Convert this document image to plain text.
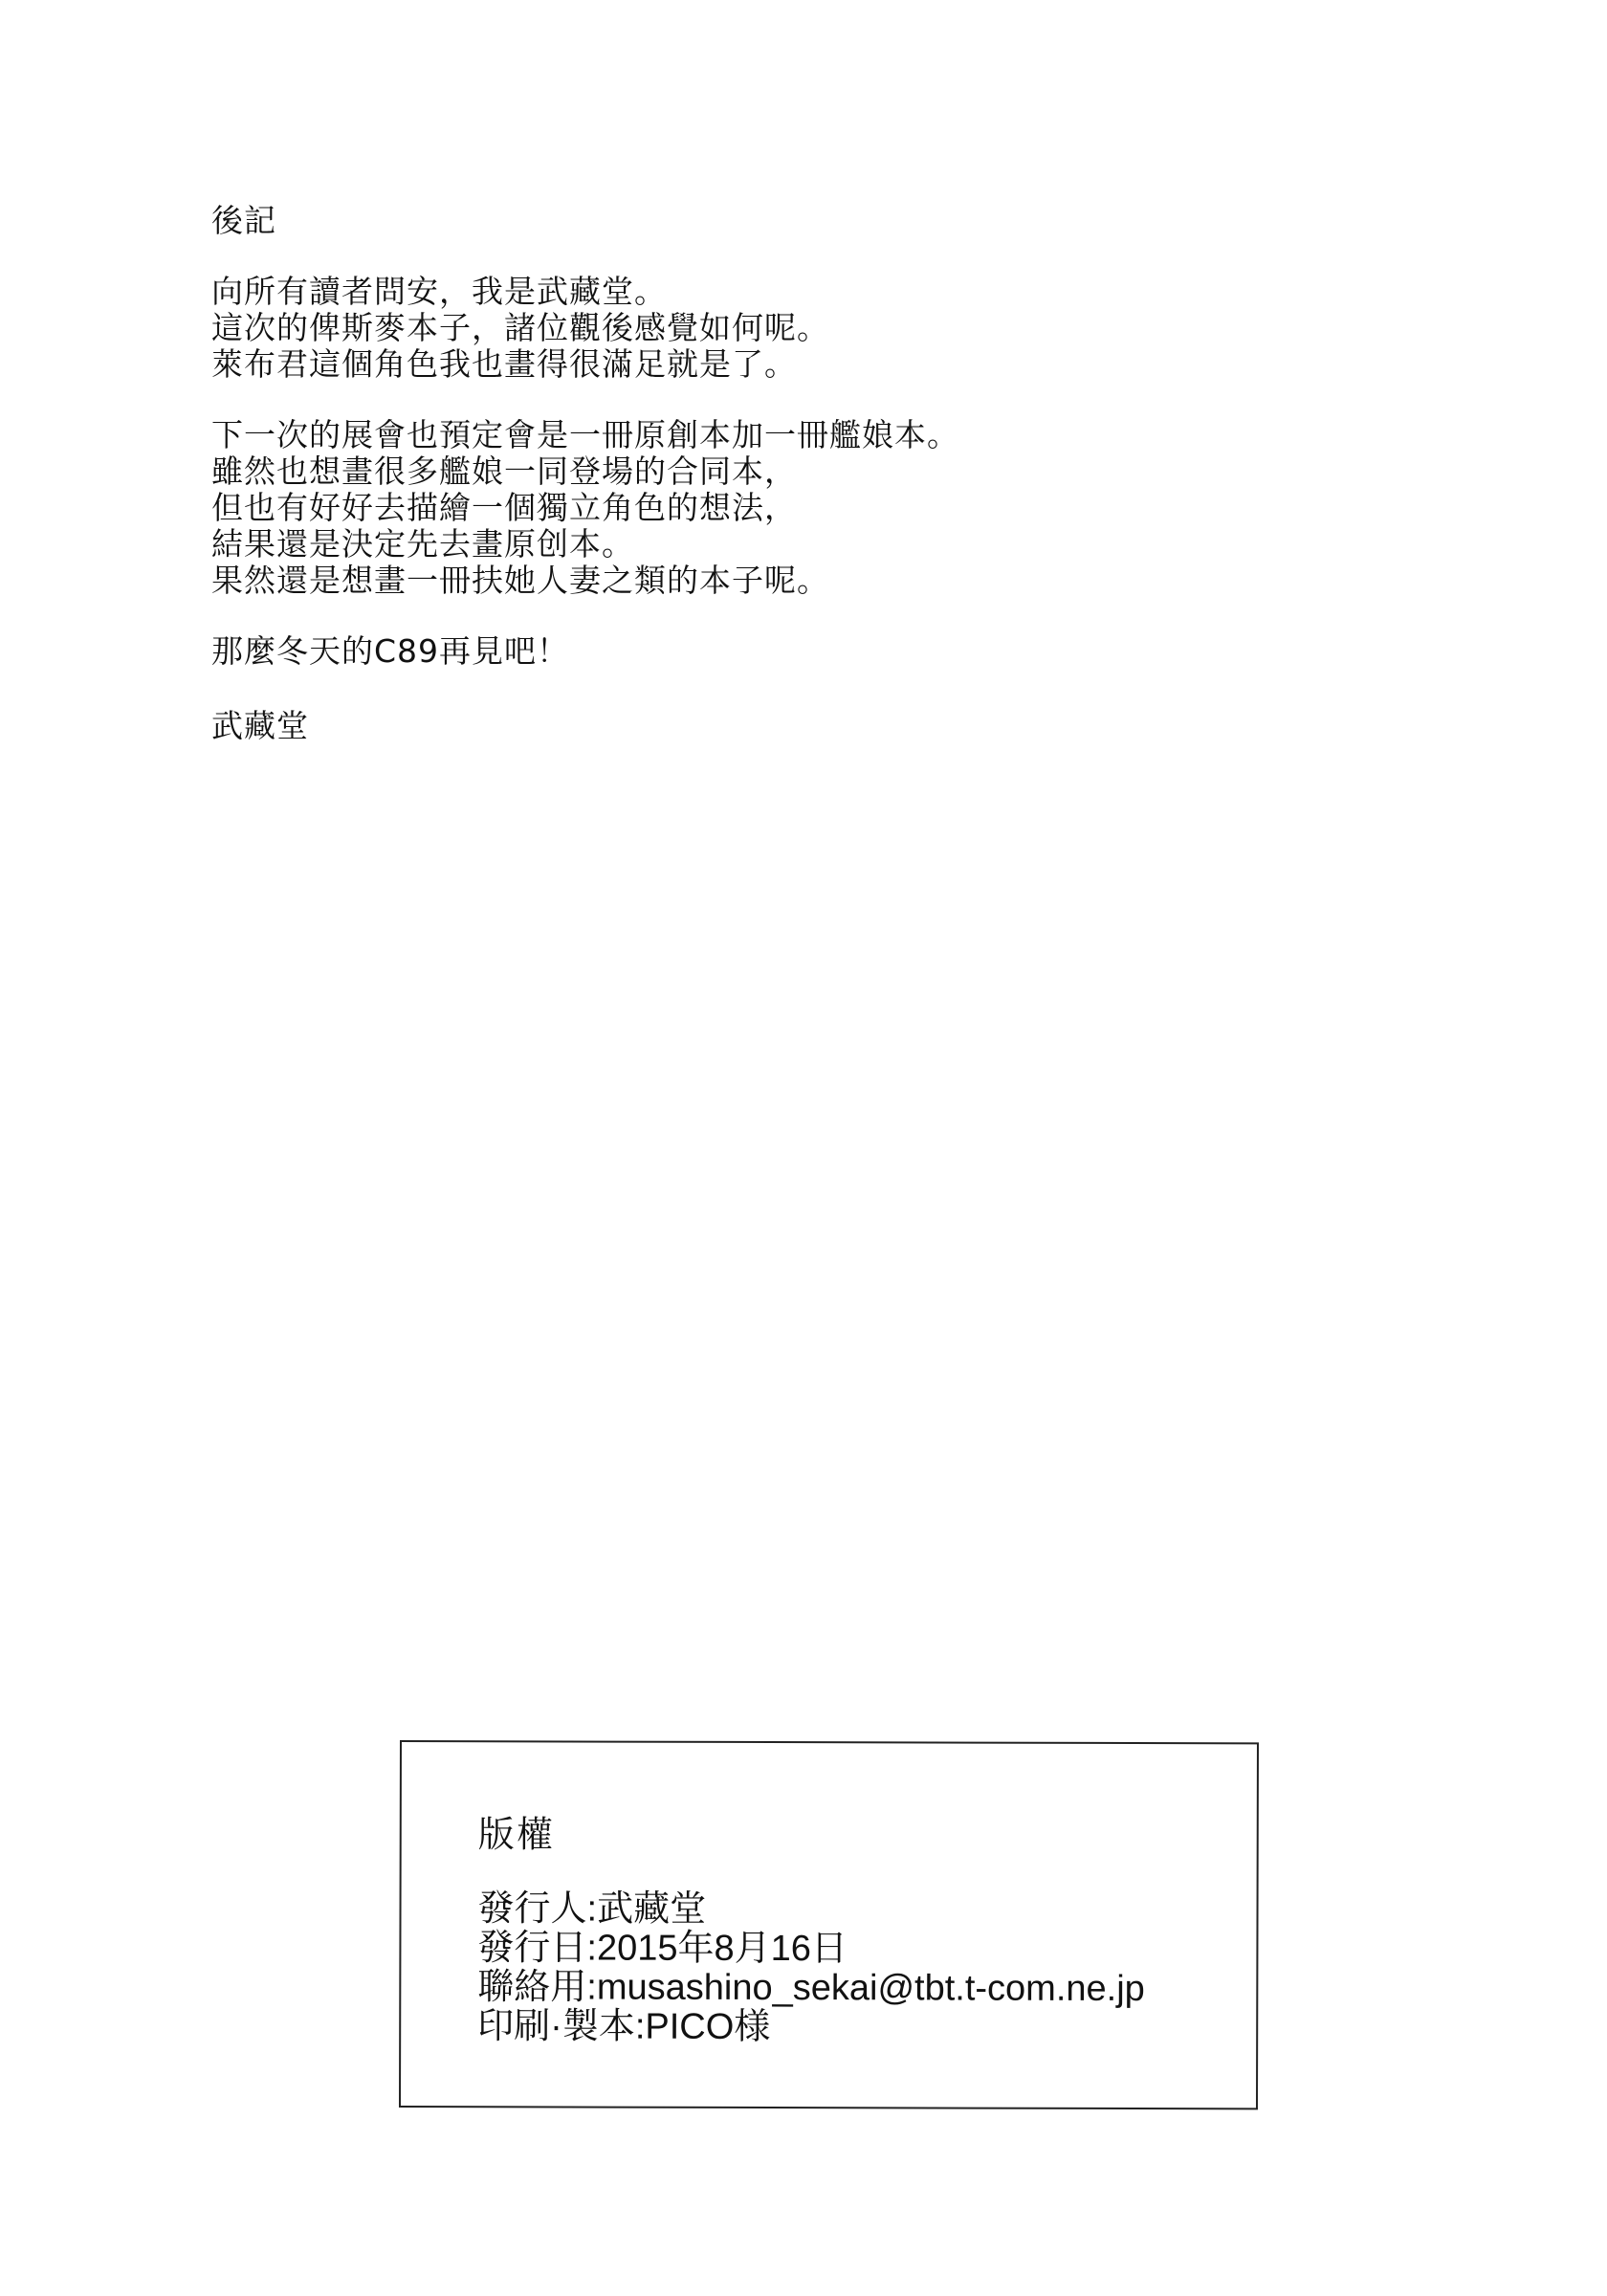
後記
向所有讀者問安，我是武藏堂。
這次的俾斯麥本子，諸位觀後感覺如何呢。
萊布君這個角色我也畫得很滿足就是了。
下一次的展會也預定會是一冊原創本加一冊艦娘本。
雖然也想畫很多艦娘一同登場的合同本，
但也有好好去描繪一個獨立角色的想法，
結果還是決定先去畫原创本。
果然還是想畫一冊扶她人妻之類的本子呢。
那麼冬天的C89再見吧！
武藏堂
版權
發行人:武藏堂
發行日:2015年8月16日
聯絡用:musashino_sekai@tbt.t-com.ne.jp
印刷·製本:PICO様
